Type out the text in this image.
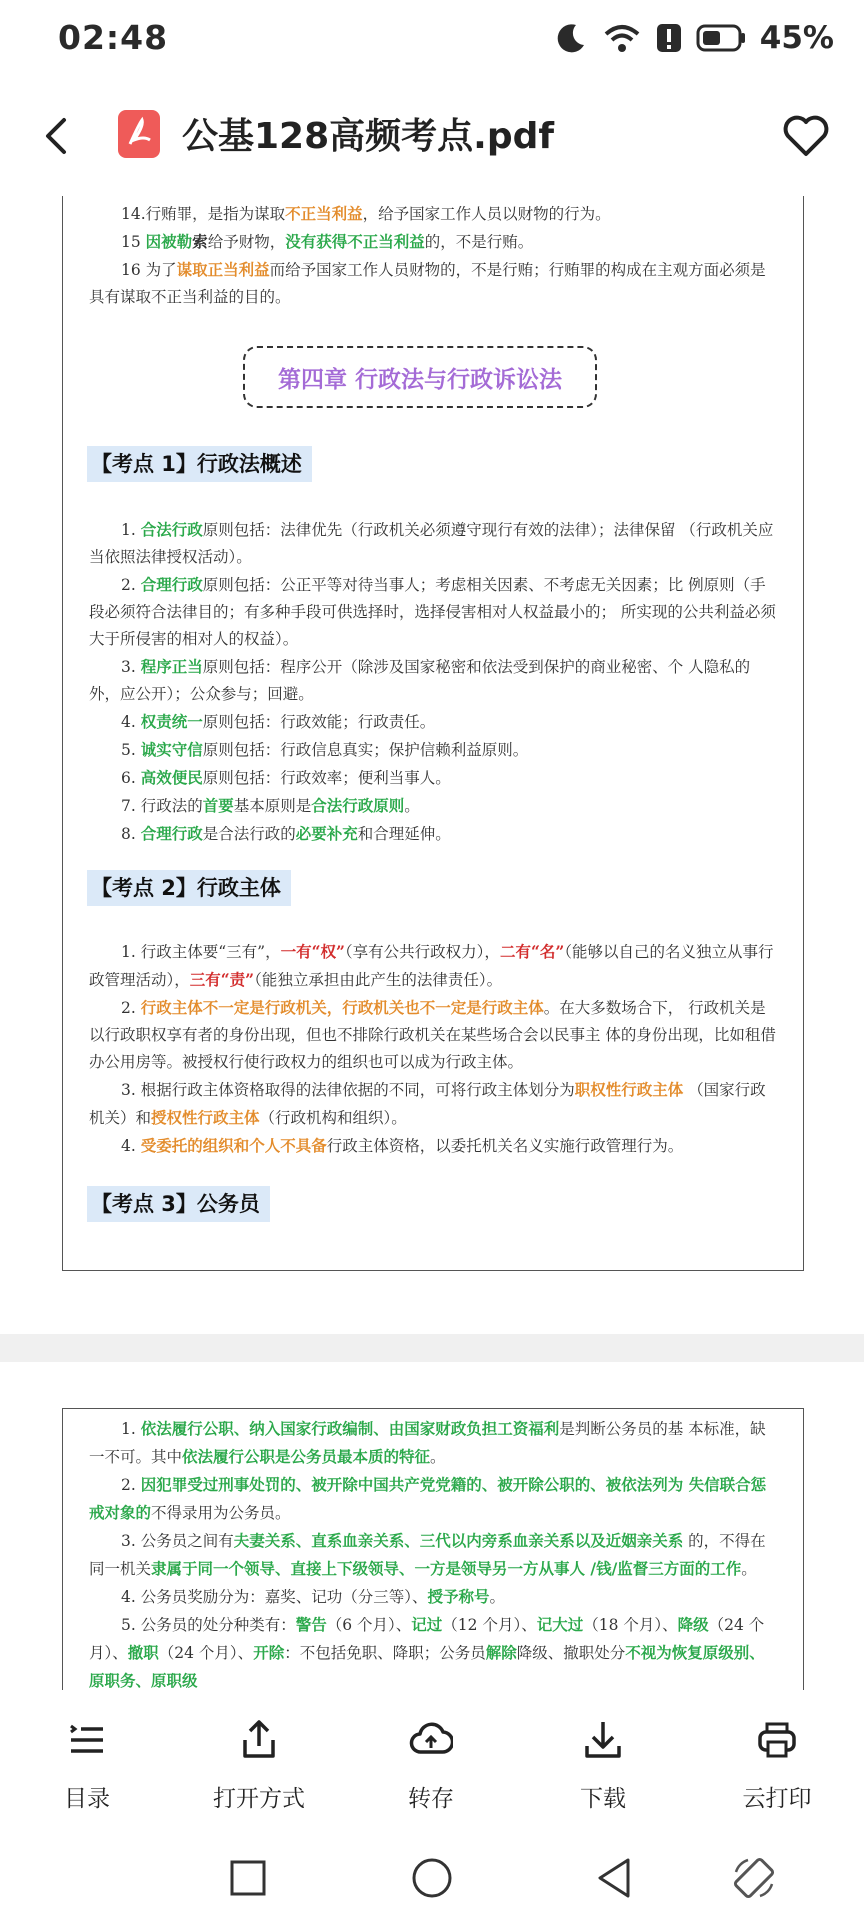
02:48	45%
公基128高频考点.pdf

14.行贿罪，是指为谋取不正当利益，给予国家工作人员以财物的行为。

15 因被勒索给予财物，没有获得不正当利益的，不是行贿。

16 为了谋取正当利益而给予国家工作人员财物的，不是行贿；行贿罪的构成在主观方面必须是具有谋取不正当利益的目的。

第四章 行政法与行政诉讼法
【考点 1】行政法概述

1. 合法行政原则包括：法律优先（行政机关必须遵守现行有效的法律）；法律保留 （行政机关应当依照法律授权活动）。

2. 合理行政原则包括：公正平等对待当事人；考虑相关因素、不考虑无关因素；比 例原则（手段必须符合法律目的；有多种手段可供选择时，选择侵害相对人权益最小的； 所实现的公共利益必须大于所侵害的相对人的权益）。

3. 程序正当原则包括：程序公开（除涉及国家秘密和依法受到保护的商业秘密、个 人隐私的外，应公开）；公众参与；回避。

4. 权责统一原则包括：行政效能；行政责任。

5. 诚实守信原则包括：行政信息真实；保护信赖利益原则。

6. 高效便民原则包括：行政效率；便利当事人。

7. 行政法的首要基本原则是合法行政原则。

8. 合理行政是合法行政的必要补充和合理延伸。

【考点 2】行政主体

1. 行政主体要“三有”，一有“权”（享有公共行政权力），二有“名”（能够以自己的名义独立从事行政管理活动），三有“责”（能独立承担由此产生的法律责任）。

2. 行政主体不一定是行政机关，行政机关也不一定是行政主体。在大多数场合下， 行政机关是以行政职权享有者的身份出现，但也不排除行政机关在某些场合会以民事主 体的身份出现，比如租借办公用房等。被授权行使行政权力的组织也可以成为行政主体。

3. 根据行政主体资格取得的法律依据的不同，可将行政主体划分为职权性行政主体 （国家行政机关）和授权性行政主体（行政机构和组织）。

4. 受委托的组织和个人不具备行政主体资格，以委托机关名义实施行政管理行为。

【考点 3】公务员

1. 依法履行公职、纳入国家行政编制、由国家财政负担工资福利是判断公务员的基 本标准，缺一不可。其中依法履行公职是公务员最本质的特征。

2. 因犯罪受过刑事处罚的、被开除中国共产党党籍的、被开除公职的、被依法列为 失信联合惩戒对象的不得录用为公务员。

3. 公务员之间有夫妻关系、直系血亲关系、三代以内旁系血亲关系以及近姻亲关系 的，不得在同一机关隶属于同一个领导、直接上下级领导、一方是领导另一方从事人 /钱/监督三方面的工作。

4. 公务员奖励分为：嘉奖、记功（分三等）、授予称号。

5. 公务员的处分种类有：警告（6 个月）、记过（12 个月）、记大过（18 个月）、降级（24 个月）、撤职（24 个月）、开除：不包括免职、降职；公务员解除降级、撤职处分不视为恢复原级别、原职务、原职级

目录	打开方式	转存	下载	云打印
